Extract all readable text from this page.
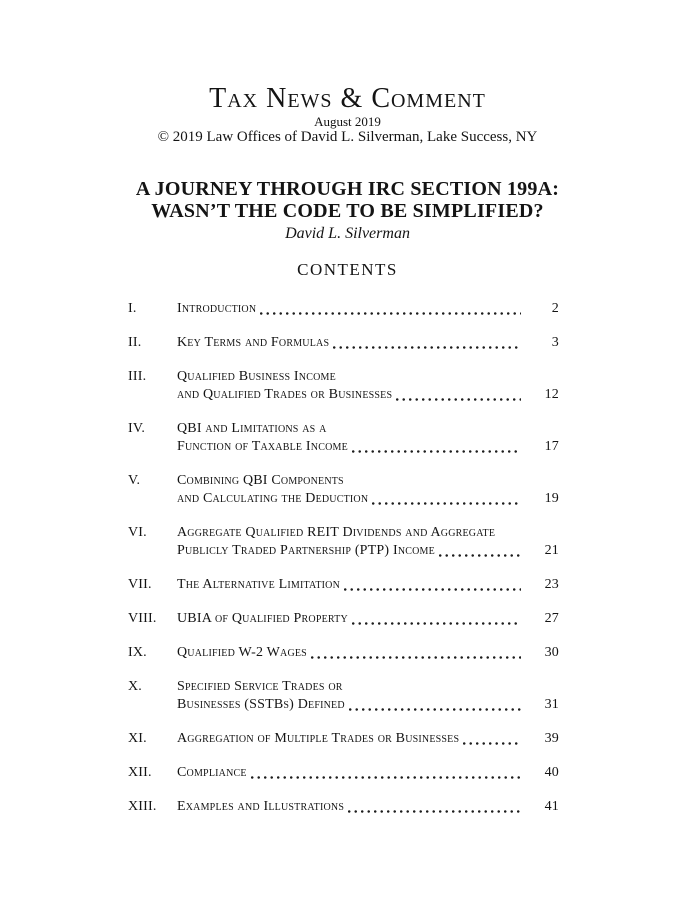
Tax News & Comment
August 2019
© 2019 Law Offices of David L. Silverman, Lake Success, NY
A JOURNEY THROUGH IRC SECTION 199A:
WASN’T THE CODE TO BE SIMPLIFIED?
David L. Silverman
CONTENTS
I.	Introduction	2
II.	Key Terms and Formulas	3
III.	Qualified Business Income
and Qualified Trades or Businesses	12
IV.	QBI and Limitations as a
Function of Taxable Income	17
V.	Combining QBI Components
and Calculating the Deduction	19
VI.	Aggregate Qualified REIT Dividends and Aggregate
Publicly Traded Partnership (PTP) Income	21
VII.	The Alternative Limitation	23
VIII.	UBIA of Qualified Property	27
IX.	Qualified W-2 Wages	30
X.	Specified Service Trades or
Businesses (SSTBs) Defined	31
XI.	Aggregation of Multiple Trades or Businesses	39
XII.	Compliance	40
XIII.	Examples and Illustrations	41
